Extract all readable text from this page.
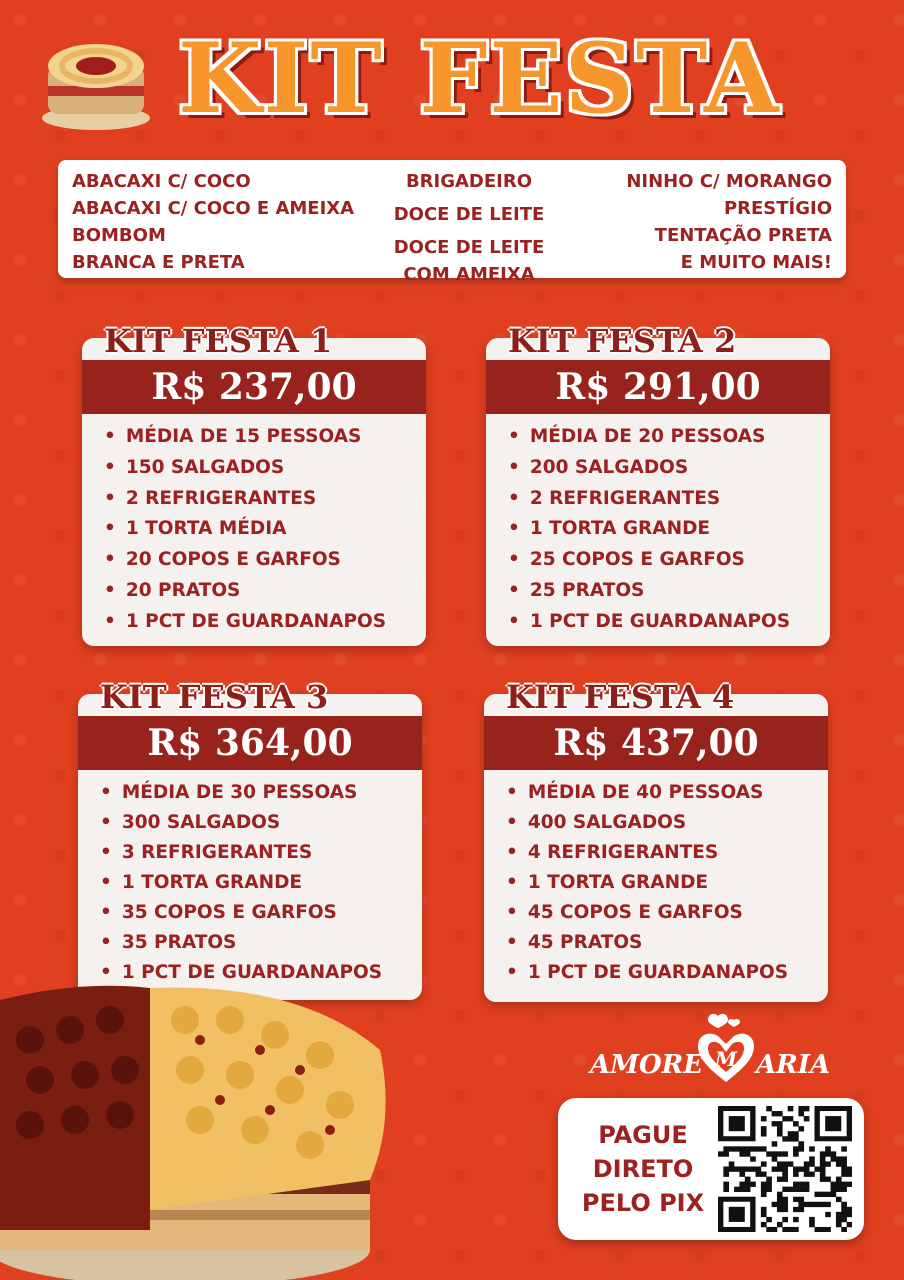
KIT FESTA
ABACAXI C/ COCO
ABACAXI C/ COCO E AMEIXA
BOMBOM
BRANCA E PRETA
BRIGADEIRO
DOCE DE LEITE
DOCE DE LEITE COM AMEIXA
NINHO C/ MORANGO
PRESTÍGIO
TENTAÇÃO PRETA
E MUITO MAIS!
R$ 237,00
KIT FESTA 1
• MÉDIA DE 15 PESSOAS
• 150 SALGADOS
• 2 REFRIGERANTES
• 1 TORTA MÉDIA
• 20 COPOS E GARFOS
• 20 PRATOS
• 1 PCT DE GUARDANAPOS
R$ 291,00
KIT FESTA 2
• MÉDIA DE 20 PESSOAS
• 200 SALGADOS
• 2 REFRIGERANTES
• 1 TORTA GRANDE
• 25 COPOS E GARFOS
• 25 PRATOS
• 1 PCT DE GUARDANAPOS
R$ 364,00
KIT FESTA 3
• MÉDIA DE 30 PESSOAS
• 300 SALGADOS
• 3 REFRIGERANTES
• 1 TORTA GRANDE
• 35 COPOS E GARFOS
• 35 PRATOS
• 1 PCT DE GUARDANAPOS
R$ 437,00
KIT FESTA 4
• MÉDIA DE 40 PESSOAS
• 400 SALGADOS
• 4 REFRIGERANTES
• 1 TORTA GRANDE
• 45 COPOS E GARFOS
• 45 PRATOS
• 1 PCT DE GUARDANAPOS
M
AMORE ARIA
PAGUE
DIRETO
PELO PIX
